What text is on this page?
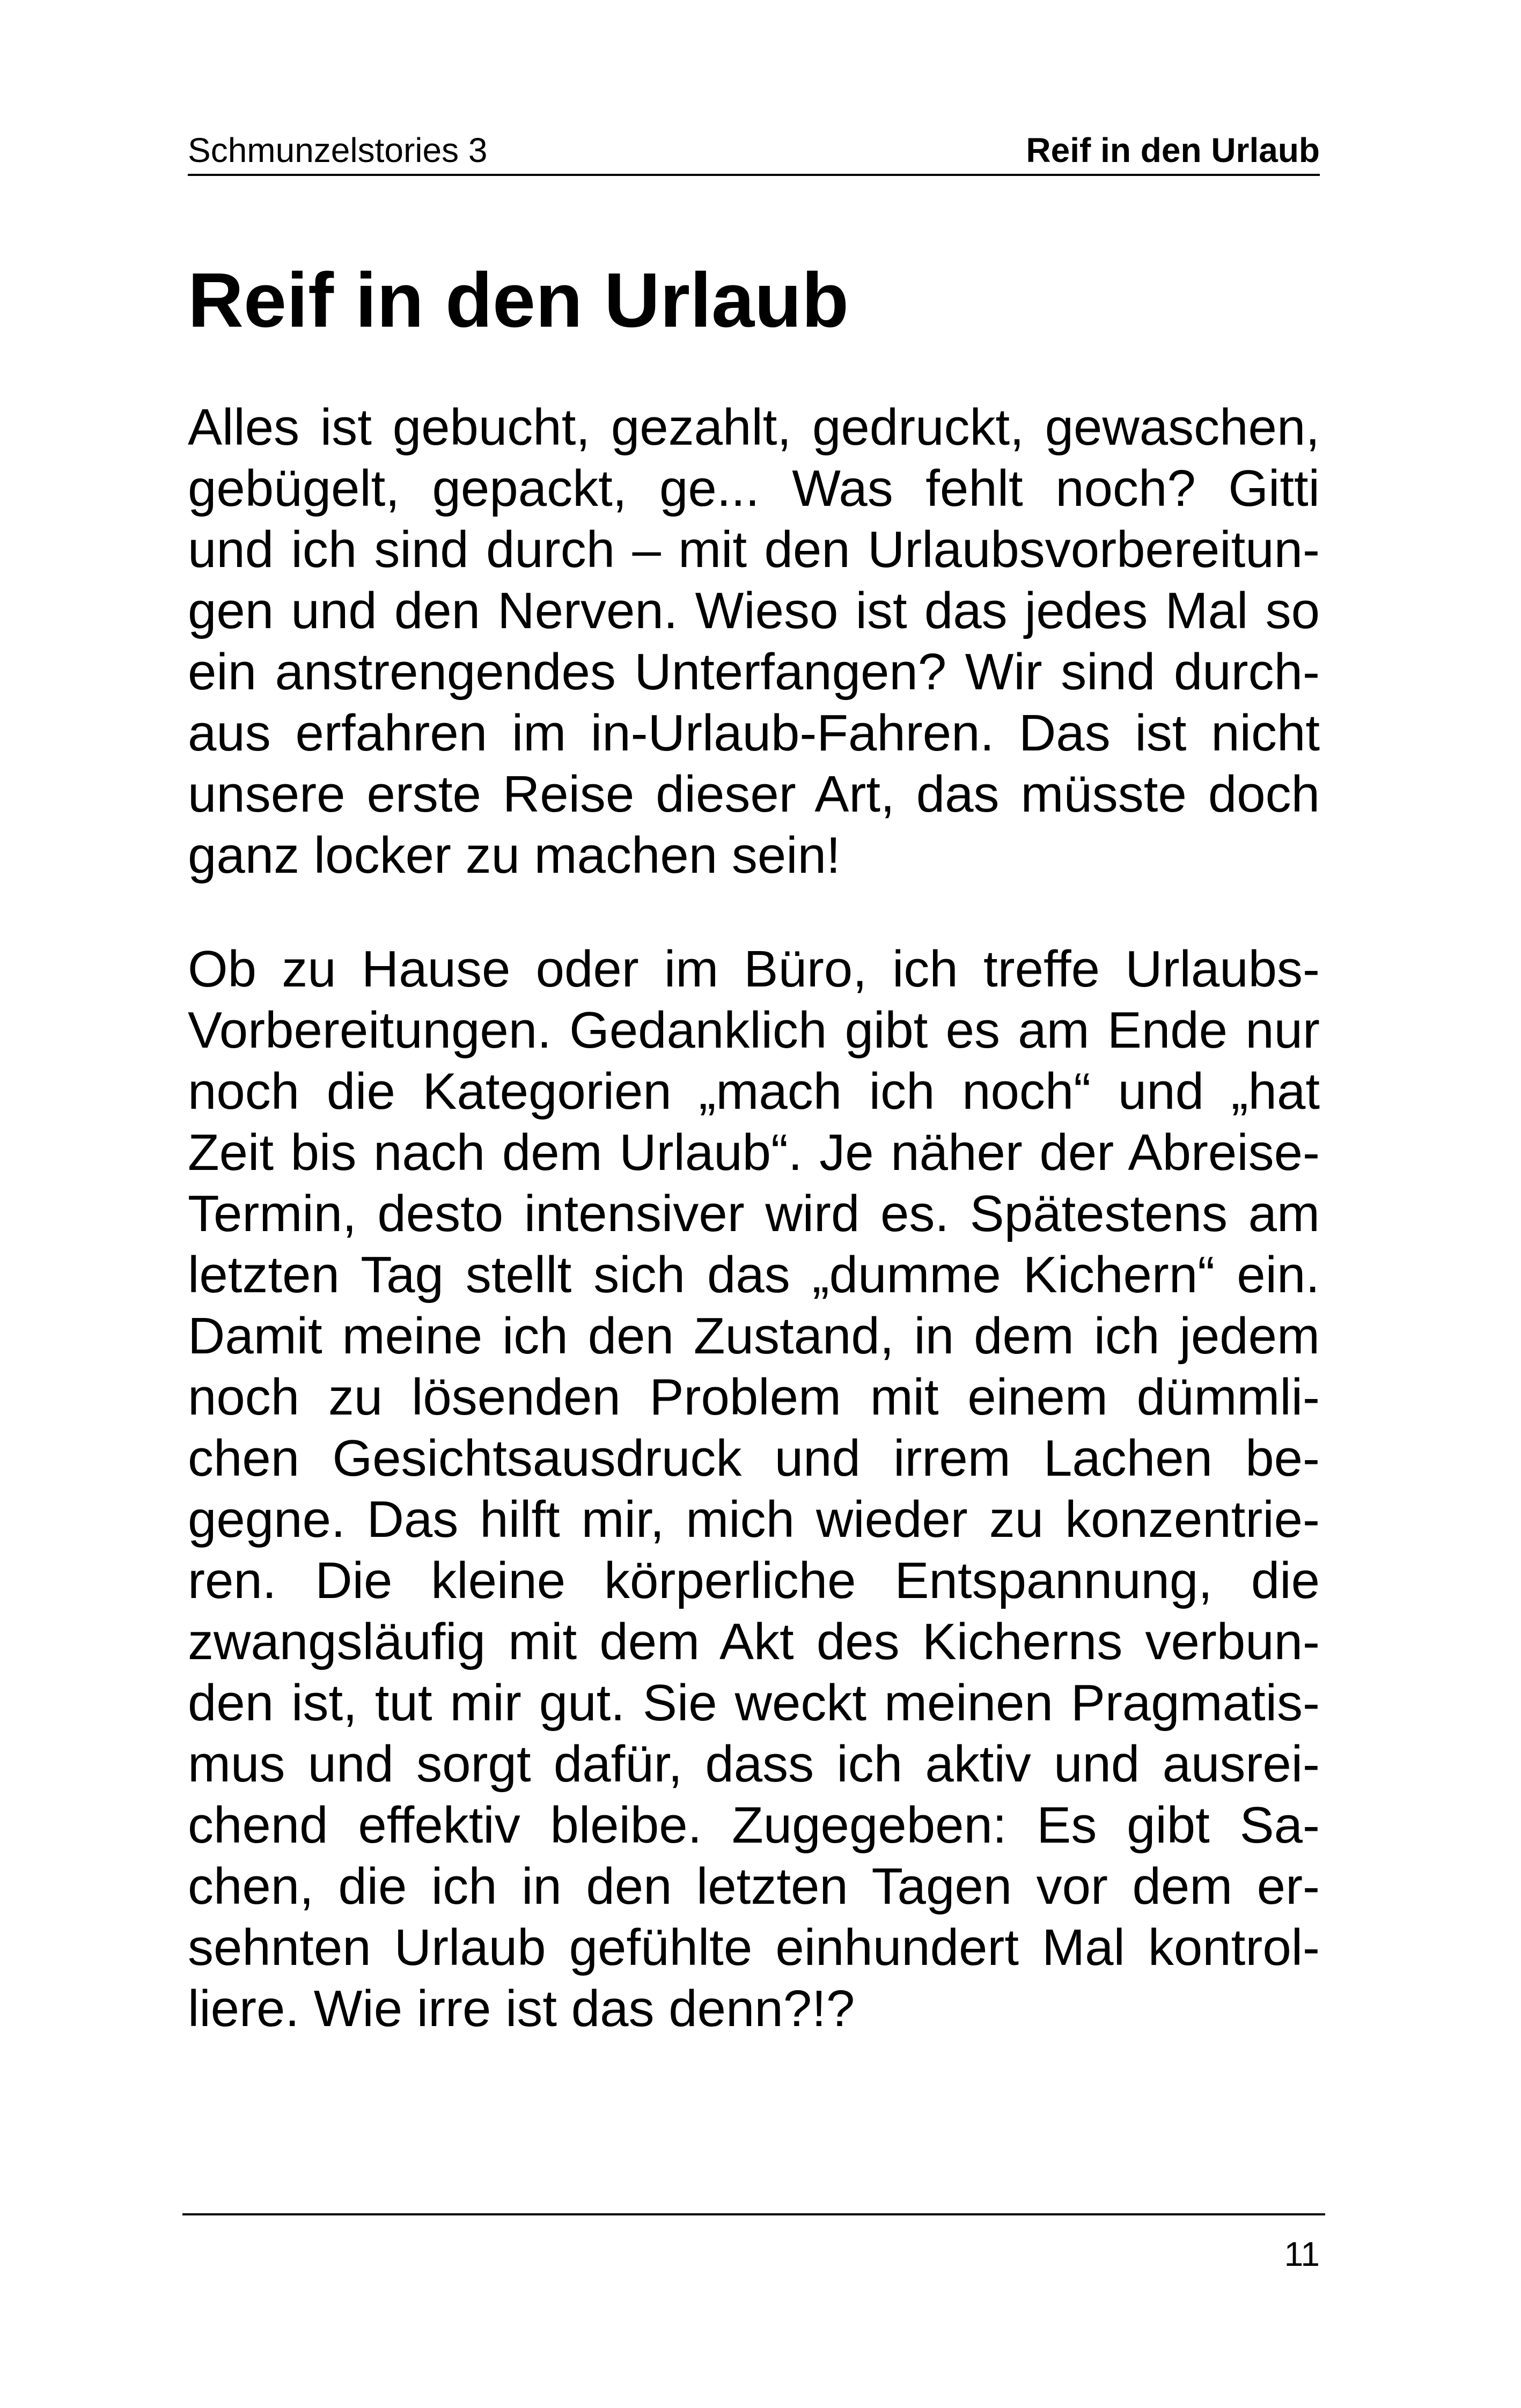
Schmunzelstories 3	Reif in den Urlaub
Reif in den Urlaub
Alles ist gebucht, gezahlt, gedruckt, gewaschen,
gebügelt, gepackt, ge... Was fehlt noch? Gitti
und ich sind durch – mit den Urlaubsvorbereitun-
gen und den Nerven. Wieso ist das jedes Mal so
ein anstrengendes Unterfangen? Wir sind durch-
aus erfahren im in-Urlaub-Fahren. Das ist nicht
unsere erste Reise dieser Art, das müsste doch
ganz locker zu machen sein!
Ob zu Hause oder im Büro, ich treffe Urlaubs-
Vorbereitungen. Gedanklich gibt es am Ende nur
noch die Kategorien „mach ich noch“ und „hat
Zeit bis nach dem Urlaub“. Je näher der Abreise-
Termin, desto intensiver wird es. Spätestens am
letzten Tag stellt sich das „dumme Kichern“ ein.
Damit meine ich den Zustand, in dem ich jedem
noch zu lösenden Problem mit einem dümmli-
chen Gesichtsausdruck und irrem Lachen be-
gegne. Das hilft mir, mich wieder zu konzentrie-
ren. Die kleine körperliche Entspannung, die
zwangsläufig mit dem Akt des Kicherns verbun-
den ist, tut mir gut. Sie weckt meinen Pragmatis-
mus und sorgt dafür, dass ich aktiv und ausrei-
chend effektiv bleibe. Zugegeben: Es gibt Sa-
chen, die ich in den letzten Tagen vor dem er-
sehnten Urlaub gefühlte einhundert Mal kontrol-
liere. Wie irre ist das denn?!?
11
